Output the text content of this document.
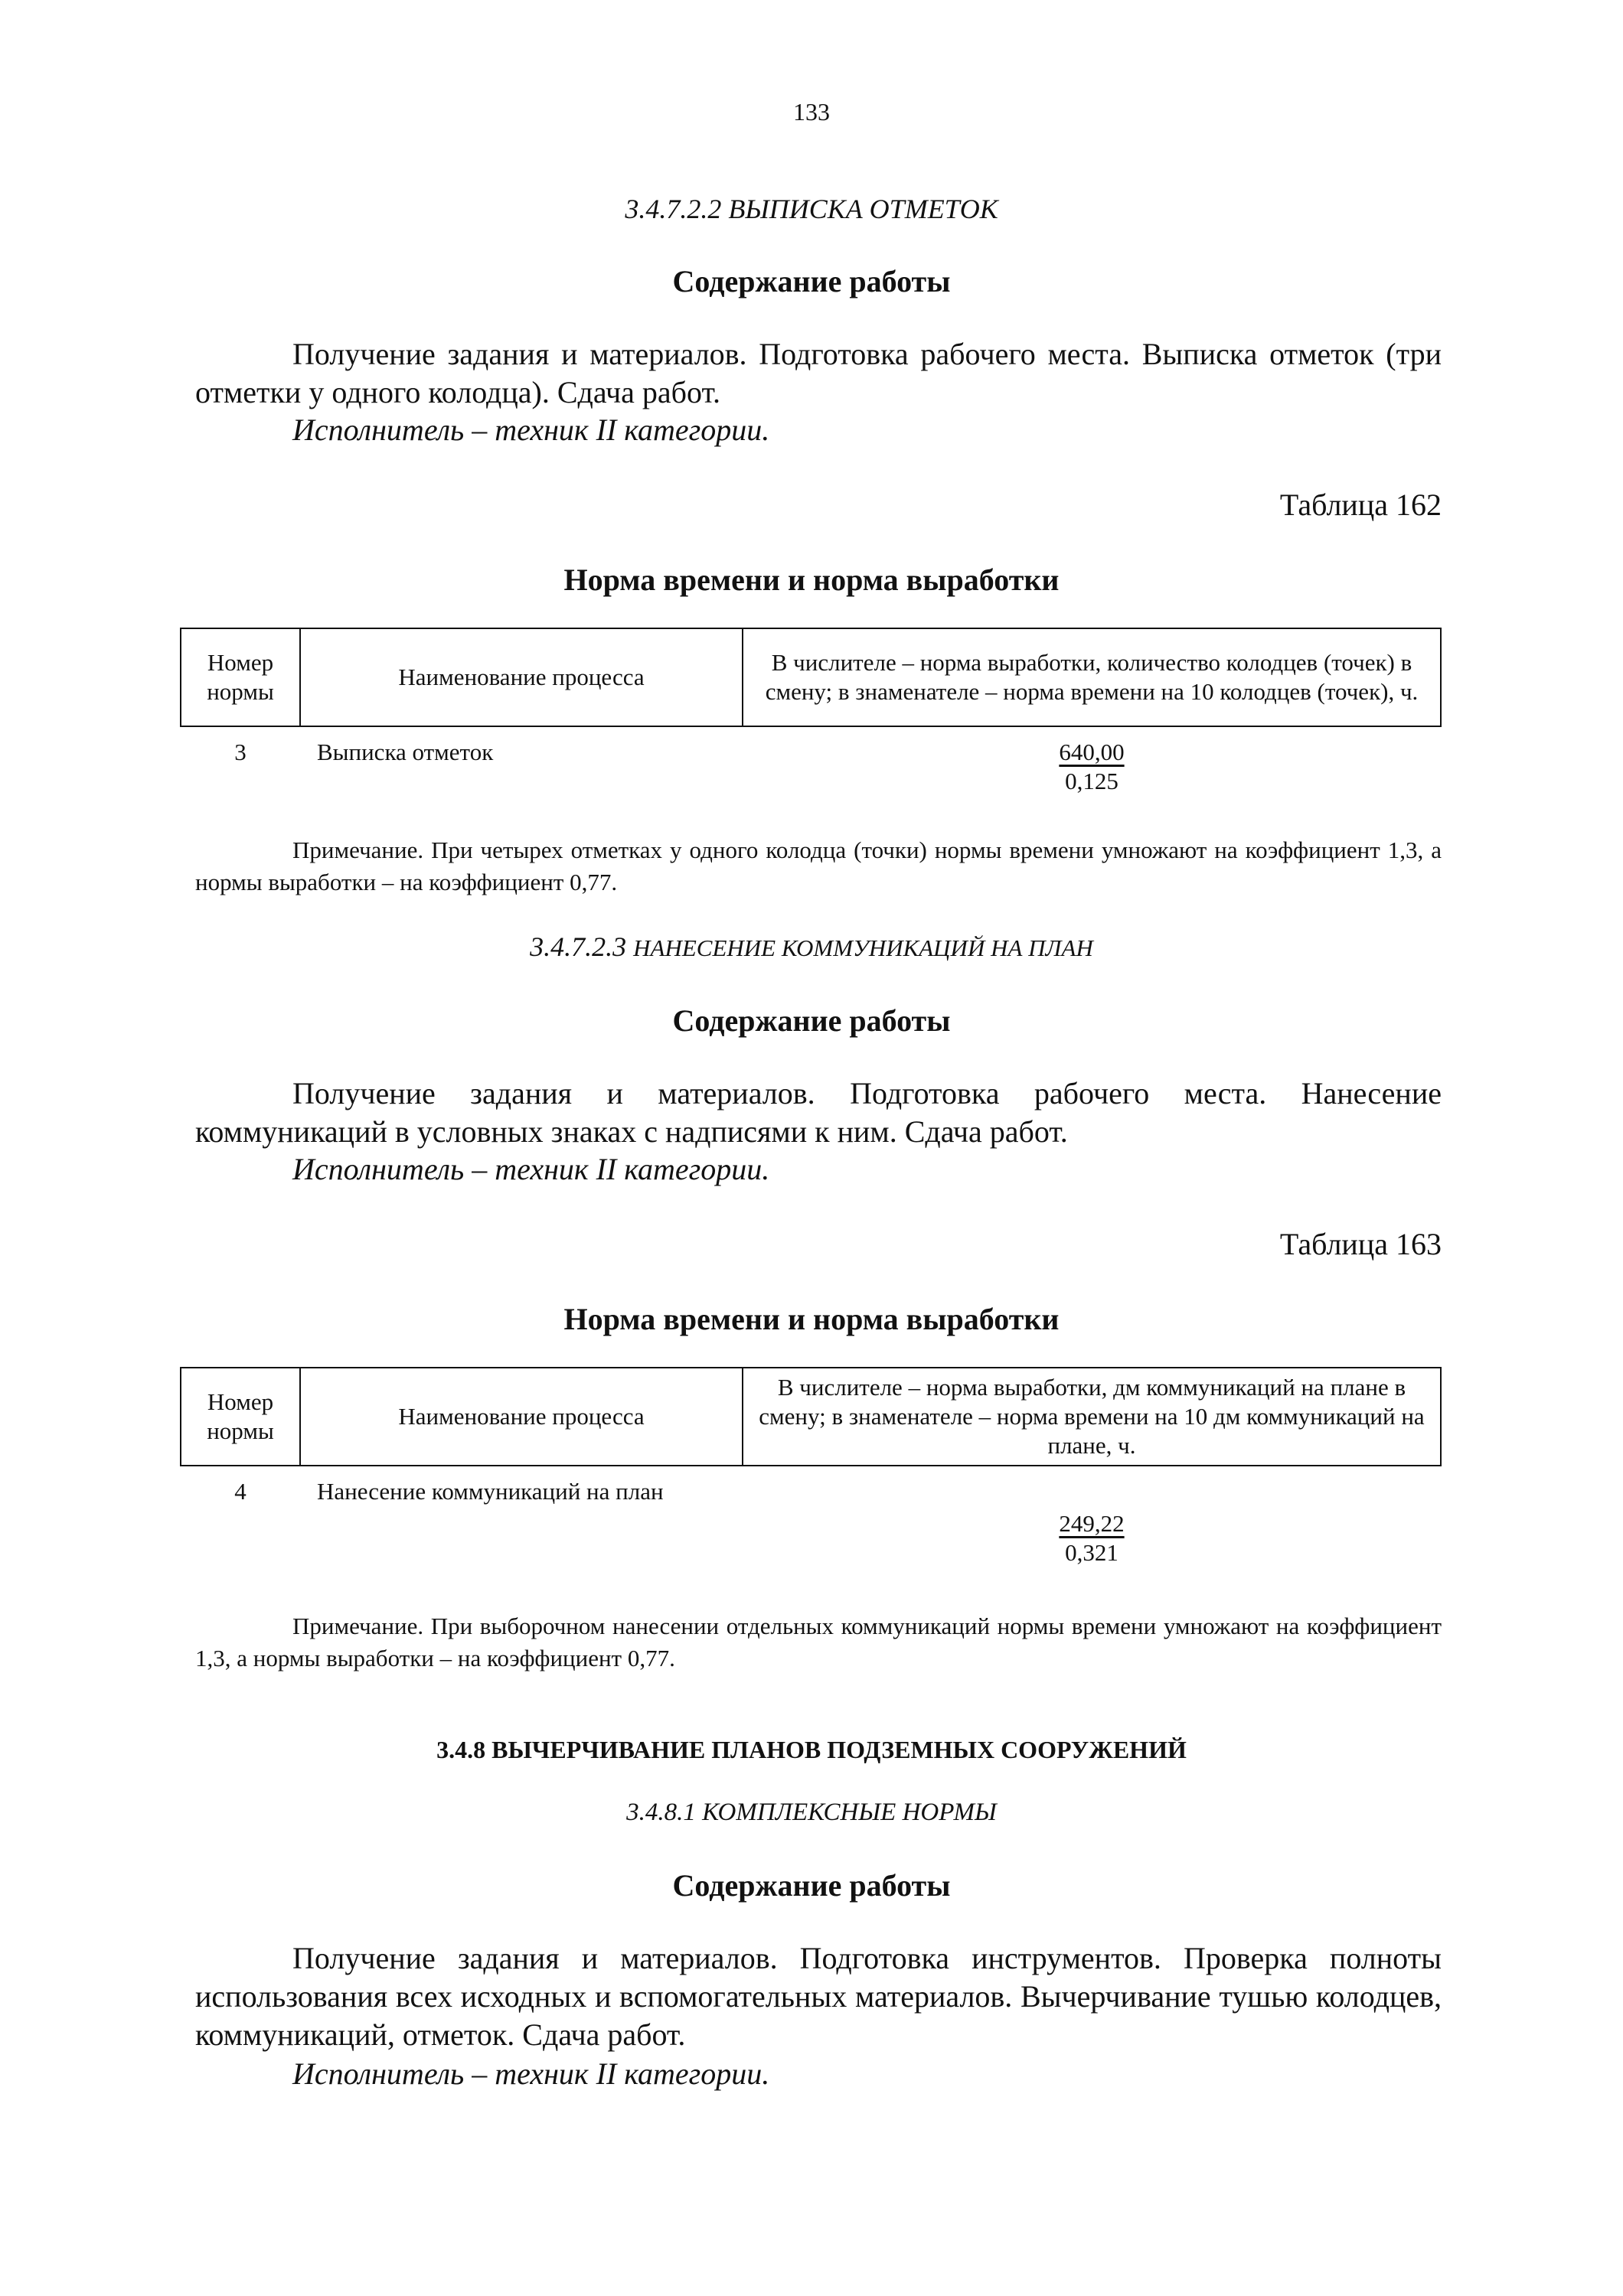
133
3.4.7.2.2 ВЫПИСКА ОТМЕТОК
Содержание работы

Получение задания и материалов. Подготовка рабочего места. Выписка отметок (три отметки у одного колодца). Сдача работ.

Исполнитель – техник II категории.
Таблица 162
Норма времени и норма выработки
Номер нормы	Наименование процесса	В числителе – норма выработки, количество колодцев (точек) в смену; в знаменателе – норма времени на 10 колодцев (точек), ч.
3	Выписка отметок	$\frac{640,00}{0,125}$

Примечание. При четырех отметках у одного колодца (точки) нормы времени умножают на коэффициент 1,3, а нормы выработки – на коэффициент 0,77.

3.4.7.2.3 НАНЕСЕНИЕ КОММУНИКАЦИЙ НА ПЛАН
Содержание работы

Получение задания и материалов. Подготовка рабочего места. Нанесение коммуникаций в условных знаках с надписями к ним. Сдача работ.

Исполнитель – техник II категории.
Таблица 163
Норма времени и норма выработки
Номер нормы	Наименование процесса	В числителе – норма выработки, дм коммуникаций на плане в смену; в знаменателе – норма времени на 10 дм коммуникаций на плане, ч.
4	Нанесение коммуникаций на план	$\frac{249,22}{0,321}$

Примечание. При выборочном нанесении отдельных коммуникаций нормы времени умножают на коэффициент 1,3, а нормы выработки – на коэффициент 0,77.

3.4.8 ВЫЧЕРЧИВАНИЕ ПЛАНОВ ПОДЗЕМНЫХ СООРУЖЕНИЙ
3.4.8.1 КОМПЛЕКСНЫЕ НОРМЫ
Содержание работы

Получение задания и материалов. Подготовка инструментов. Проверка полноты использования всех исходных и вспомогательных материалов. Вычерчивание тушью колодцев, коммуникаций, отметок. Сдача работ.

Исполнитель – техник II категории.
